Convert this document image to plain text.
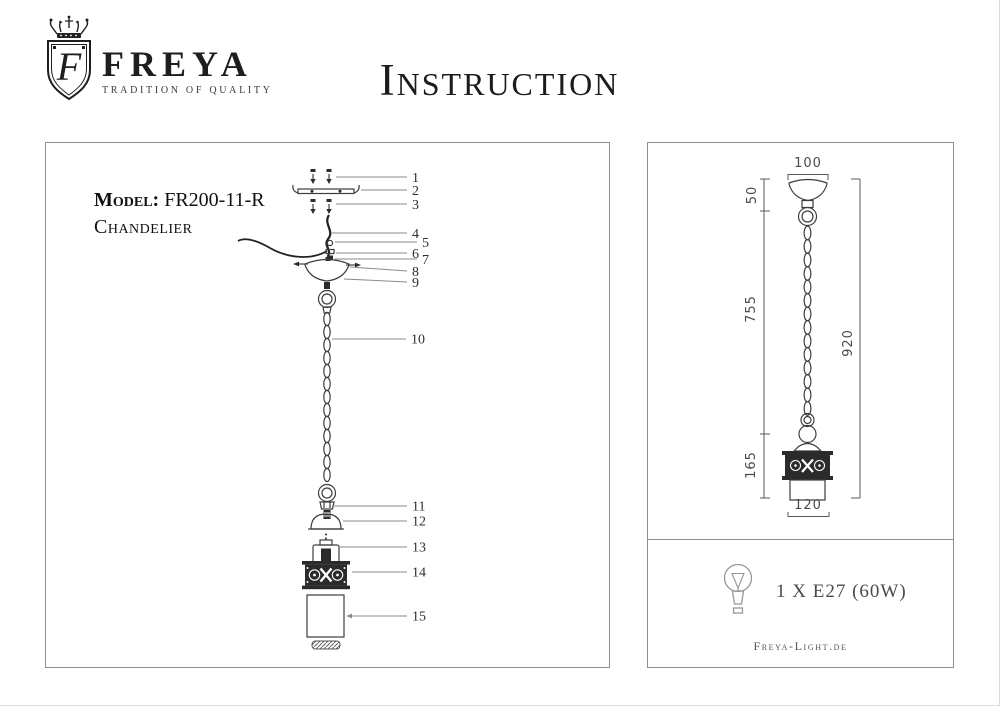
F FREYA
TRADITION OF QUALITY	Instruction
Model: FR200-11-R
Chandelier
1
2
3
4
5
6 7
8
9
10
11
12
13
14
15
100
50
755
920
165
120
1 X E27 (60W)
Freya-Light.de
